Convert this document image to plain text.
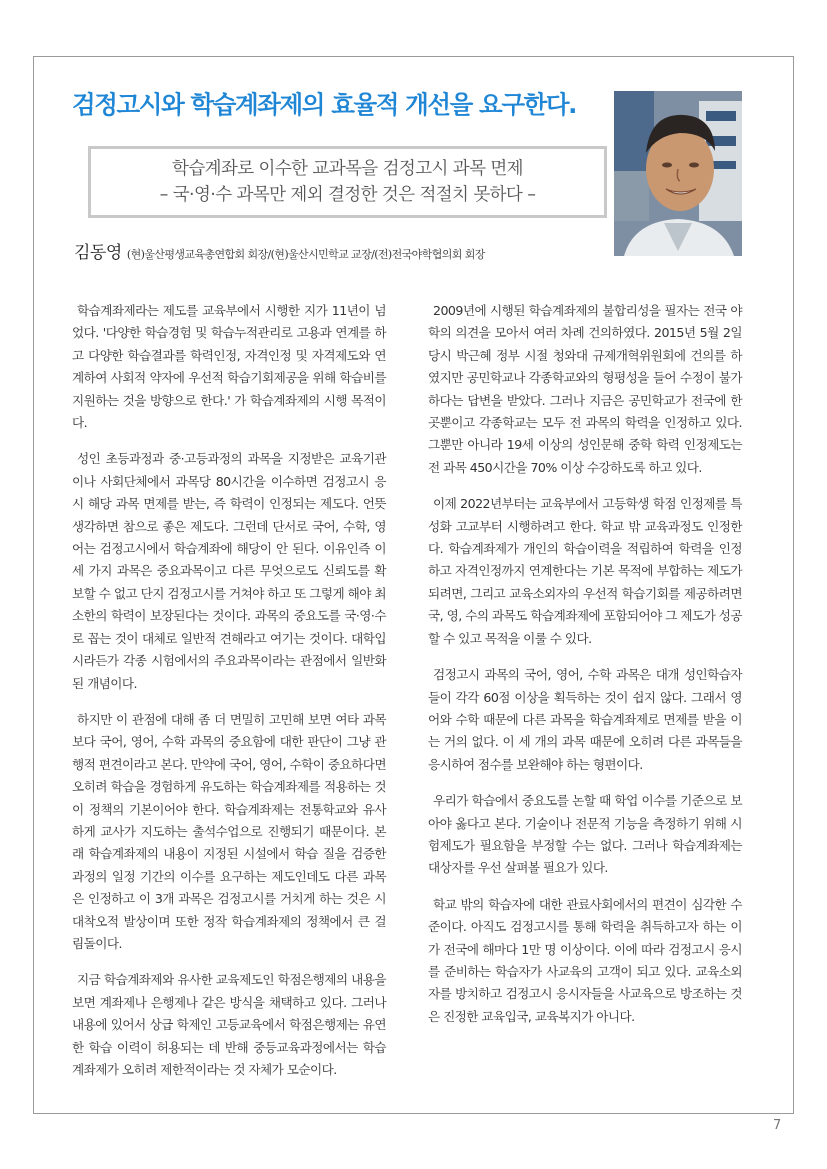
검정고시와 학습계좌제의 효율적 개선을 요구한다.
학습계좌로 이수한 교과목을 검정고시 과목 면제
– 국·영·수 과목만 제외 결정한 것은 적절치 못하다 –
김동영 (현)울산평생교육총연합회 회장/(현)울산시민학교 교장/(전)전국야학협의회 회장

학습계좌제라는 제도를 교육부에서 시행한 지가 11년이 넘었다. '다양한 학습경험 및 학습누적관리로 고용과 연계를 하고 다양한 학습결과를 학력인정, 자격인정 및 자격제도와 연계하여 사회적 약자에 우선적 학습기회제공을 위해 학습비를 지원하는 것을 방향으로 한다.' 가 학습계좌제의 시행 목적이다.

성인 초등과정과 중·고등과정의 과목을 지정받은 교육기관이나 사회단체에서 과목당 80시간을 이수하면 검정고시 응시 해당 과목 면제를 받는, 즉 학력이 인정되는 제도다. 언뜻 생각하면 참으로 좋은 제도다. 그런데 단서로 국어, 수학, 영어는 검정고시에서 학습계좌에 해당이 안 된다. 이유인즉 이 세 가지 과목은 중요과목이고 다른 무엇으로도 신뢰도를 확보할 수 없고 단지 검정고시를 거쳐야 하고 또 그렇게 해야 최소한의 학력이 보장된다는 것이다. 과목의 중요도를 국·영·수로 꼽는 것이 대체로 일반적 견해라고 여기는 것이다. 대학입시라든가 각종 시험에서의 주요과목이라는 관점에서 일반화된 개념이다.

하지만 이 관점에 대해 좀 더 면밀히 고민해 보면 여타 과목보다 국어, 영어, 수학 과목의 중요함에 대한 판단이 그냥 관행적 편견이라고 본다. 만약에 국어, 영어, 수학이 중요하다면 오히려 학습을 경험하게 유도하는 학습계좌제를 적용하는 것이 정책의 기본이어야 한다. 학습계좌제는 전통학교와 유사하게 교사가 지도하는 출석수업으로 진행되기 때문이다. 본래 학습계좌제의 내용이 지정된 시설에서 학습 질을 검증한 과정의 일정 기간의 이수를 요구하는 제도인데도 다른 과목은 인정하고 이 3개 과목은 검정고시를 거치게 하는 것은 시대착오적 발상이며 또한 정작 학습계좌제의 정책에서 큰 걸림돌이다.

지금 학습계좌제와 유사한 교육제도인 학점은행제의 내용을 보면 계좌제나 은행제나 같은 방식을 채택하고 있다. 그러나 내용에 있어서 상급 학제인 고등교육에서 학점은행제는 유연한 학습 이력이 허용되는 데 반해 중등교육과정에서는 학습계좌제가 오히려 제한적이라는 것 자체가 모순이다.

2009년에 시행된 학습계좌제의 불합리성을 필자는 전국 야학의 의견을 모아서 여러 차례 건의하였다. 2015년 5월 2일 당시 박근혜 정부 시절 청와대 규제개혁위원회에 건의를 하였지만 공민학교나 각종학교와의 형평성을 들어 수정이 불가하다는 답변을 받았다. 그러나 지금은 공민학교가 전국에 한 곳뿐이고 각종학교는 모두 전 과목의 학력을 인정하고 있다. 그뿐만 아니라 19세 이상의 성인문해 중학 학력 인정제도는 전 과목 450시간을 70% 이상 수강하도록 하고 있다.

이제 2022년부터는 교육부에서 고등학생 학점 인정제를 특성화 고교부터 시행하려고 한다. 학교 밖 교육과정도 인정한다. 학습계좌제가 개인의 학습이력을 적립하여 학력을 인정하고 자격인정까지 연계한다는 기본 목적에 부합하는 제도가 되려면, 그리고 교육소외자의 우선적 학습기회를 제공하려면 국, 영, 수의 과목도 학습계좌제에 포함되어야 그 제도가 성공할 수 있고 목적을 이룰 수 있다.

검정고시 과목의 국어, 영어, 수학 과목은 대개 성인학습자들이 각각 60점 이상을 획득하는 것이 쉽지 않다. 그래서 영어와 수학 때문에 다른 과목을 학습계좌제로 면제를 받을 이는 거의 없다. 이 세 개의 과목 때문에 오히려 다른 과목들을 응시하여 점수를 보완해야 하는 형편이다.

우리가 학습에서 중요도를 논할 때 학업 이수를 기준으로 보아야 옳다고 본다. 기술이나 전문적 기능을 측정하기 위해 시험제도가 필요함을 부정할 수는 없다. 그러나 학습계좌제는 대상자를 우선 살펴볼 필요가 있다.

학교 밖의 학습자에 대한 관료사회에서의 편견이 심각한 수준이다. 아직도 검정고시를 통해 학력을 취득하고자 하는 이가 전국에 해마다 1만 명 이상이다. 이에 따라 검정고시 응시를 준비하는 학습자가 사교육의 고객이 되고 있다. 교육소외자를 방치하고 검정고시 응시자들을 사교육으로 방조하는 것은 진정한 교육입국, 교육복지가 아니다.

7
